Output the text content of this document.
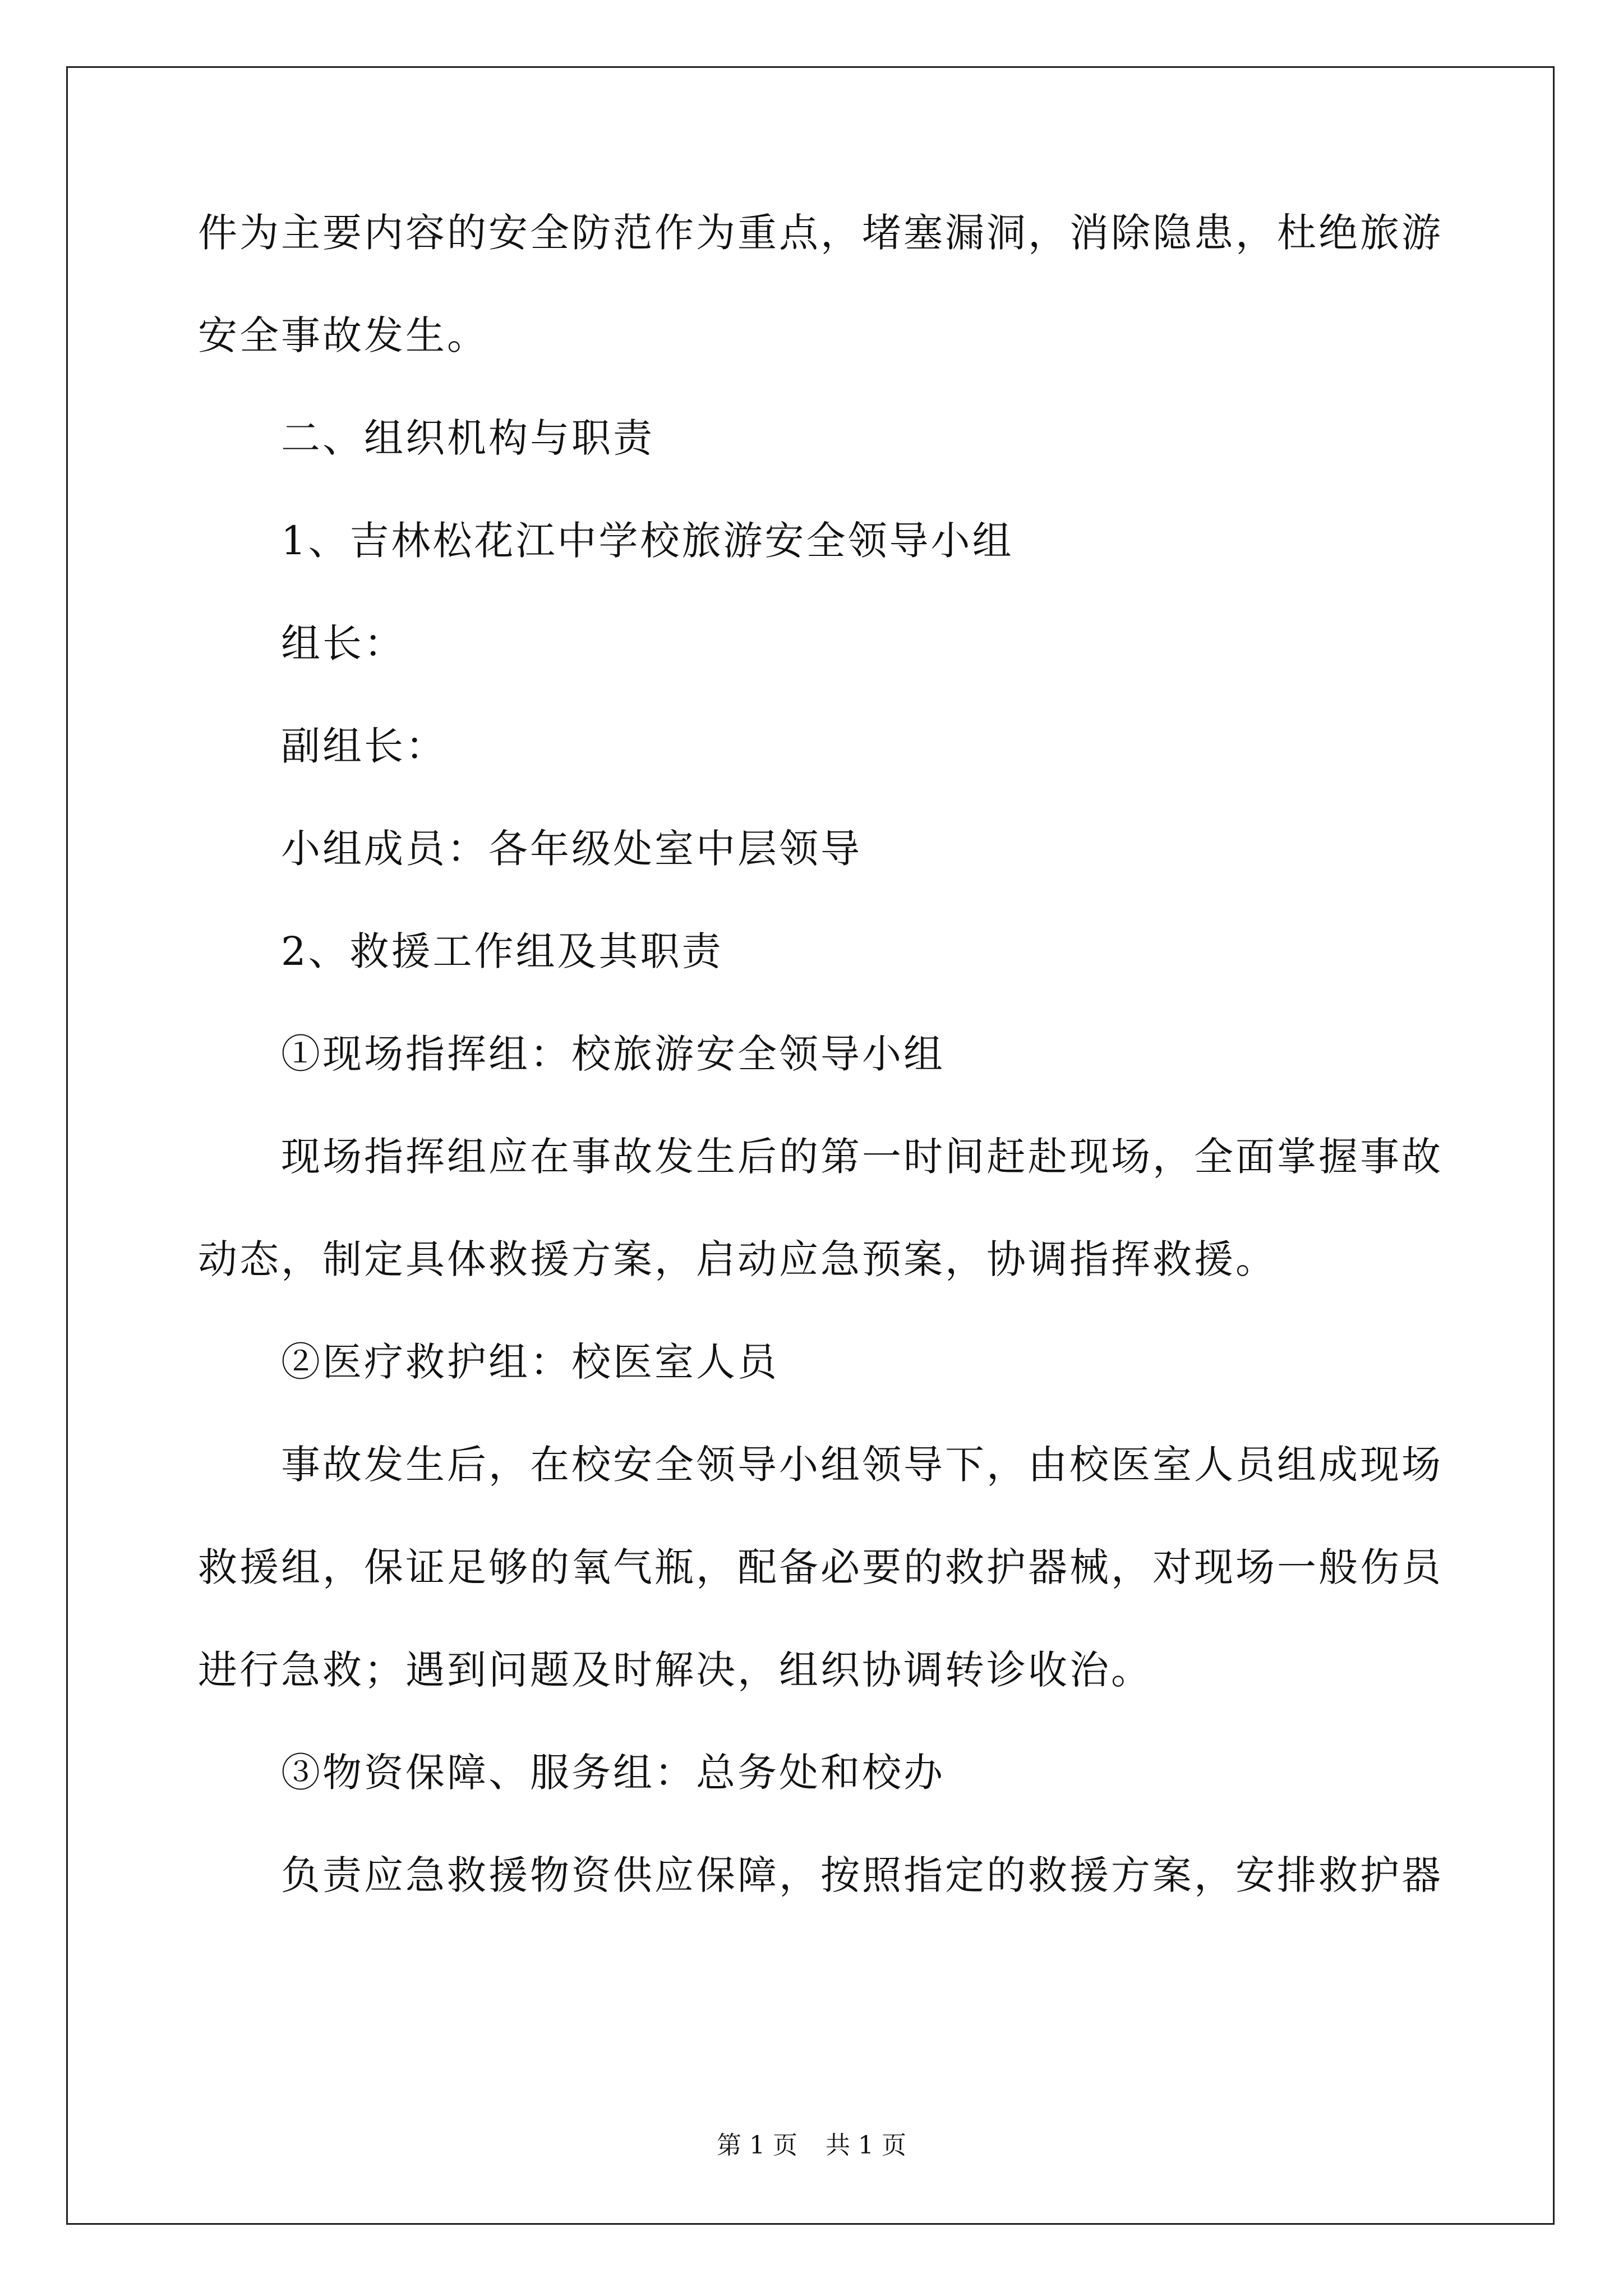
件为主要内容的安全防范作为重点，堵塞漏洞，消除隐患，杜绝旅游
安全事故发生。
二、组织机构与职责
1、吉林松花江中学校旅游安全领导小组
组长：
副组长：
小组成员：各年级处室中层领导
2、救援工作组及其职责
①现场指挥组：校旅游安全领导小组
现场指挥组应在事故发生后的第一时间赶赴现场，全面掌握事故
动态，制定具体救援方案，启动应急预案，协调指挥救援。
②医疗救护组：校医室人员
事故发生后，在校安全领导小组领导下，由校医室人员组成现场
救援组，保证足够的氧气瓶，配备必要的救护器械，对现场一般伤员
进行急救；遇到问题及时解决，组织协调转诊收治。
③物资保障、服务组：总务处和校办
负责应急救援物资供应保障，按照指定的救援方案，安排救护器
第 1 页 共 1 页
